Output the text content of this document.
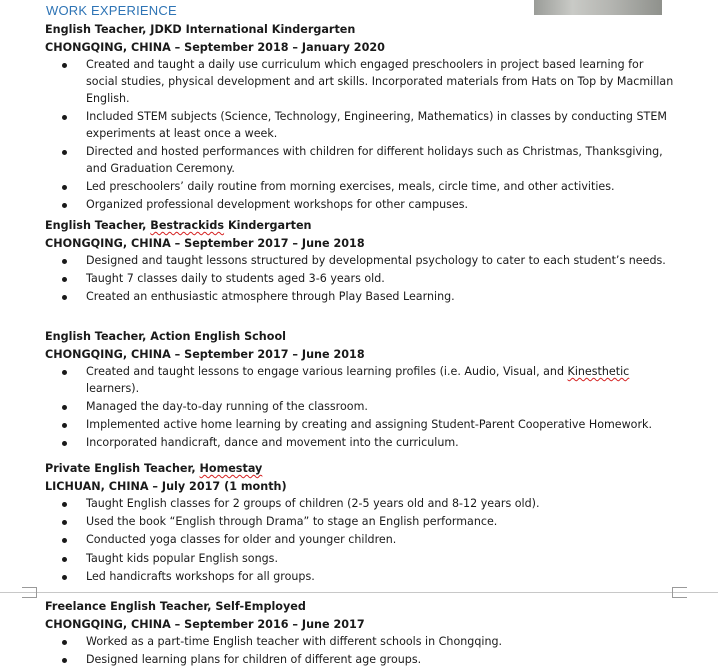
WORK EXPERIENCE
English Teacher, JDKD International Kindergarten
CHONGQING, CHINA – September 2018 – January 2020
Created and taught a daily use curriculum which engaged preschoolers in project based learning for social studies, physical development and art skills. Incorporated materials from Hats on Top by Macmillan English.
Included STEM subjects (Science, Technology, Engineering, Mathematics) in classes by conducting STEM experiments at least once a week.
Directed and hosted performances with children for different holidays such as Christmas, Thanksgiving, and Graduation Ceremony.
Led preschoolers’ daily routine from morning exercises, meals, circle time, and other activities.
Organized professional development workshops for other campuses.
English Teacher, Bestrackids Kindergarten
CHONGQING, CHINA – September 2017 – June 2018
Designed and taught lessons structured by developmental psychology to cater to each student’s needs.
Taught 7 classes daily to students aged 3-6 years old.
Created an enthusiastic atmosphere through Play Based Learning.
English Teacher, Action English School
CHONGQING, CHINA – September 2017 – June 2018
Created and taught lessons to engage various learning profiles (i.e. Audio, Visual, and Kinesthetic learners).
Managed the day-to-day running of the classroom.
Implemented active home learning by creating and assigning Student-Parent Cooperative Homework.
Incorporated handicraft, dance and movement into the curriculum.
Private English Teacher, Homestay
LICHUAN, CHINA – July 2017 (1 month)
Taught English classes for 2 groups of children (2-5 years old and 8-12 years old).
Used the book “English through Drama” to stage an English performance.
Conducted yoga classes for older and younger children.
Taught kids popular English songs.
Led handicrafts workshops for all groups.
Freelance English Teacher, Self-Employed
CHONGQING, CHINA – September 2016 – June 2017
Worked as a part-time English teacher with different schools in Chongqing.
Designed learning plans for children of different age groups.
